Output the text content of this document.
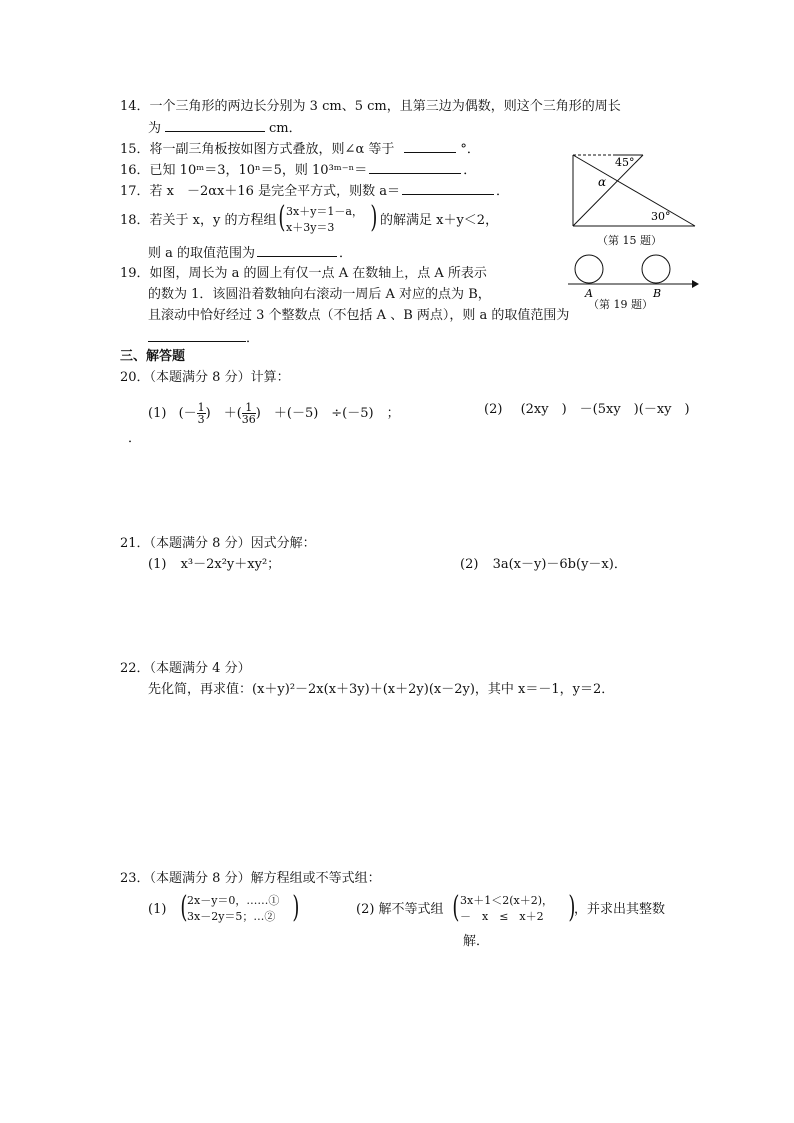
14．一个三角形的两边长分别为 3 cm、5 cm，且第三边为偶数，则这个三角形的周长
为	cm．
15．将一副三角板按如图方式叠放，则∠α 等于	°．
16．已知 10ᵐ＝3，10ⁿ＝5，则 10³ᵐ⁻ⁿ＝	．
17．若 x　－2αx＋16 是完全平方式，则数 a＝	．
18．若关于 x，y 的方程组 ( 3x＋y＝1－a，
x＋3y＝3 ) 的解满足 x＋y＜2，
则 a 的取值范围为	．
19．如图，周长为 a 的圆上有仅一点 A 在数轴上，点 A 所表示
的数为 1．该圆沿着数轴向右滚动一周后 A 对应的点为 B，
且滚动中恰好经过 3 个整数点（不包括 A 、B 两点），则 a 的取值范围为
．
45°
30°
α
（第 15 题）
A	B
（第 19 题）
三、解答题
20．（本题满分 8 分）计算：
(1) (－ $\frac{1}{3}$ )　＋( $\frac{1}{36}$ )　＋(－5)　÷(－5)　；	(2) (2xy　)　－(5xy　)(－xy　)
．
21．（本题满分 8 分）因式分解：
(1) x³－2x²y＋xy²；	(2) 3a(x－y)－6b(y－x)．
22．（本题满分 4 分）
先化简，再求值：(x＋y)²－2x(x＋3y)＋(x＋2y)(x－2y)，其中 x＝－1，y＝2．
23．（本题满分 8 分）解方程组或不等式组：
(1) ( 2x－y＝0，……①
3x－2y＝5；…② )	(2) 解不等式组 ( 3x＋1＜2(x＋2)，
－　x　≤　x＋2 )
，并求出其整数
解．
